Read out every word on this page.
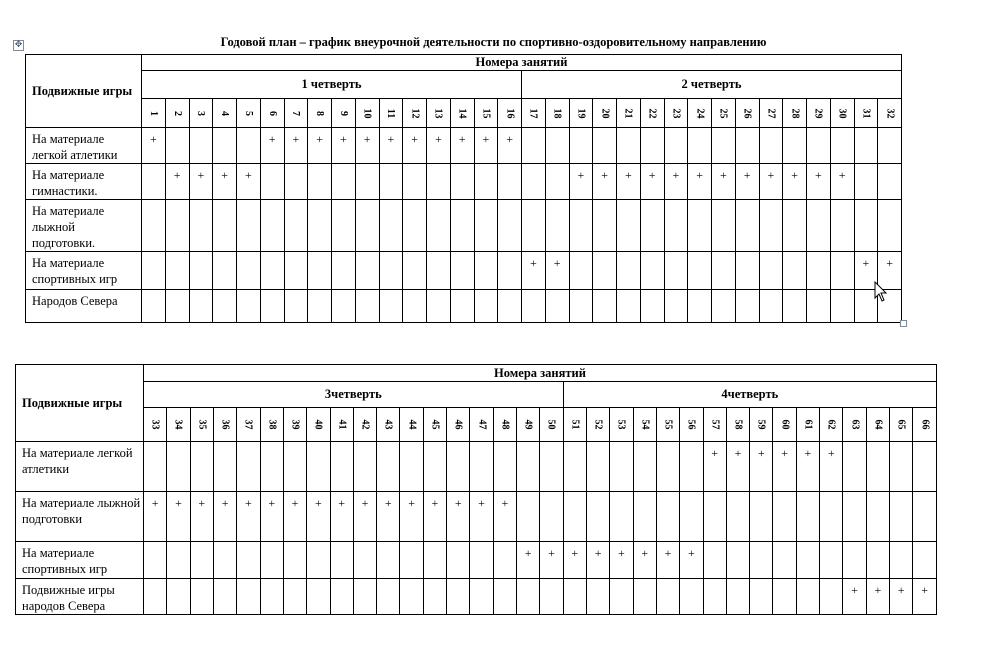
✥	Годовой план – график внеурочной деятельности по спортивно-оздоровительному направлению
Подвижные игры	Номера занятий																															
	1 четверть																2 четверть															
	1	2	3	4	5	6	7	8	9	10	11	12	13	14	15	16	17	18	19	20	21	22	23	24	25	26	27	28	29	30	31	32
На материале легкой атлетики	+					+	+	+	+	+	+	+	+	+	+	+																
На материале гимнастики.		+	+	+	+														+	+	+	+	+	+	+	+	+	+	+	+		
На материале лыжной подготовки.																																
На материале спортивных игр																	+	+													+	+
Народов Севера																																
Подвижные игры	Номера занятий																																	
	3четверть																		4четверть															
	33	34	35	36	37	38	39	40	41	42	43	44	45	46	47	48	49	50	51	52	53	54	55	56	57	58	59	60	61	62	63	64	65	66
На материале легкой атлетики																									+	+	+	+	+	+				
На материале лыжной подготовки	+	+	+	+	+	+	+	+	+	+	+	+	+	+	+	+																		
На материале спортивных игр																	+	+	+	+	+	+	+	+										
Подвижные игры народов Севера																															+	+	+	+
